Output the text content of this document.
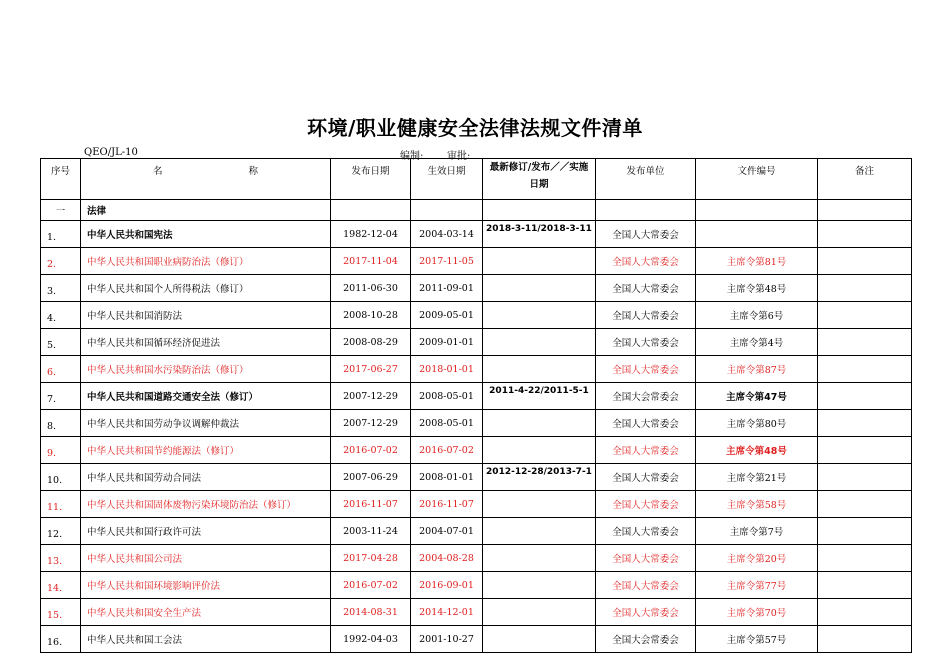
环境/职业健康安全法律法规文件清单
QEO/JL-10	编制: 审批:
序号	名 称	发布日期	生效日期	最新修订/发布／／实施日期	发布单位	文件编号	备注
一	法律						
1.	中华人民共和国宪法	1982-12-04	2004-03-14	2018-3-11/2018-3-11	全国人大常委会		
2.	中华人民共和国职业病防治法（修订）	2017-11-04	2017-11-05		全国人大常委会	主席令第81号	
3.	中华人民共和国个人所得税法（修订）	2011-06-30	2011-09-01		全国人大常委会	主席令第48号	
4.	中华人民共和国消防法	2008-10-28	2009-05-01		全国人大常委会	主席令第6号	
5.	中华人民共和国循环经济促进法	2008-08-29	2009-01-01		全国人大常委会	主席令第4号	
6.	中华人民共和国水污染防治法（修订）	2017-06-27	2018-01-01		全国人大常委会	主席令第87号	
7.	中华人民共和国道路交通安全法（修订）	2007-12-29	2008-05-01	2011-4-22/2011-5-1	全国大会常委会	主席令第47号	
8.	中华人民共和国劳动争议调解仲裁法	2007-12-29	2008-05-01		全国人大常委会	主席令第80号	
9.	中华人民共和国节约能源法（修订）	2016-07-02	2016-07-02		全国人大常委会	主席令第48号	
10.	中华人民共和国劳动合同法	2007-06-29	2008-01-01	2012-12-28/2013-7-1	全国人大常委会	主席令第21号	
11.	中华人民共和国固体废物污染环境防治法（修订）	2016-11-07	2016-11-07		全国人大常委会	主席令第58号	
12.	中华人民共和国行政许可法	2003-11-24	2004-07-01		全国人大常委会	主席令第7号	
13.	中华人民共和国公司法	2017-04-28	2004-08-28		全国人大常委会	主席令第20号	
14.	中华人民共和国环境影响评价法	2016-07-02	2016-09-01		全国人大常委会	主席令第77号	
15.	中华人民共和国安全生产法	2014-08-31	2014-12-01		全国人大常委会	主席令第70号	
16.	中华人民共和国工会法	1992-04-03	2001-10-27		全国大会常委会	主席令第57号	
